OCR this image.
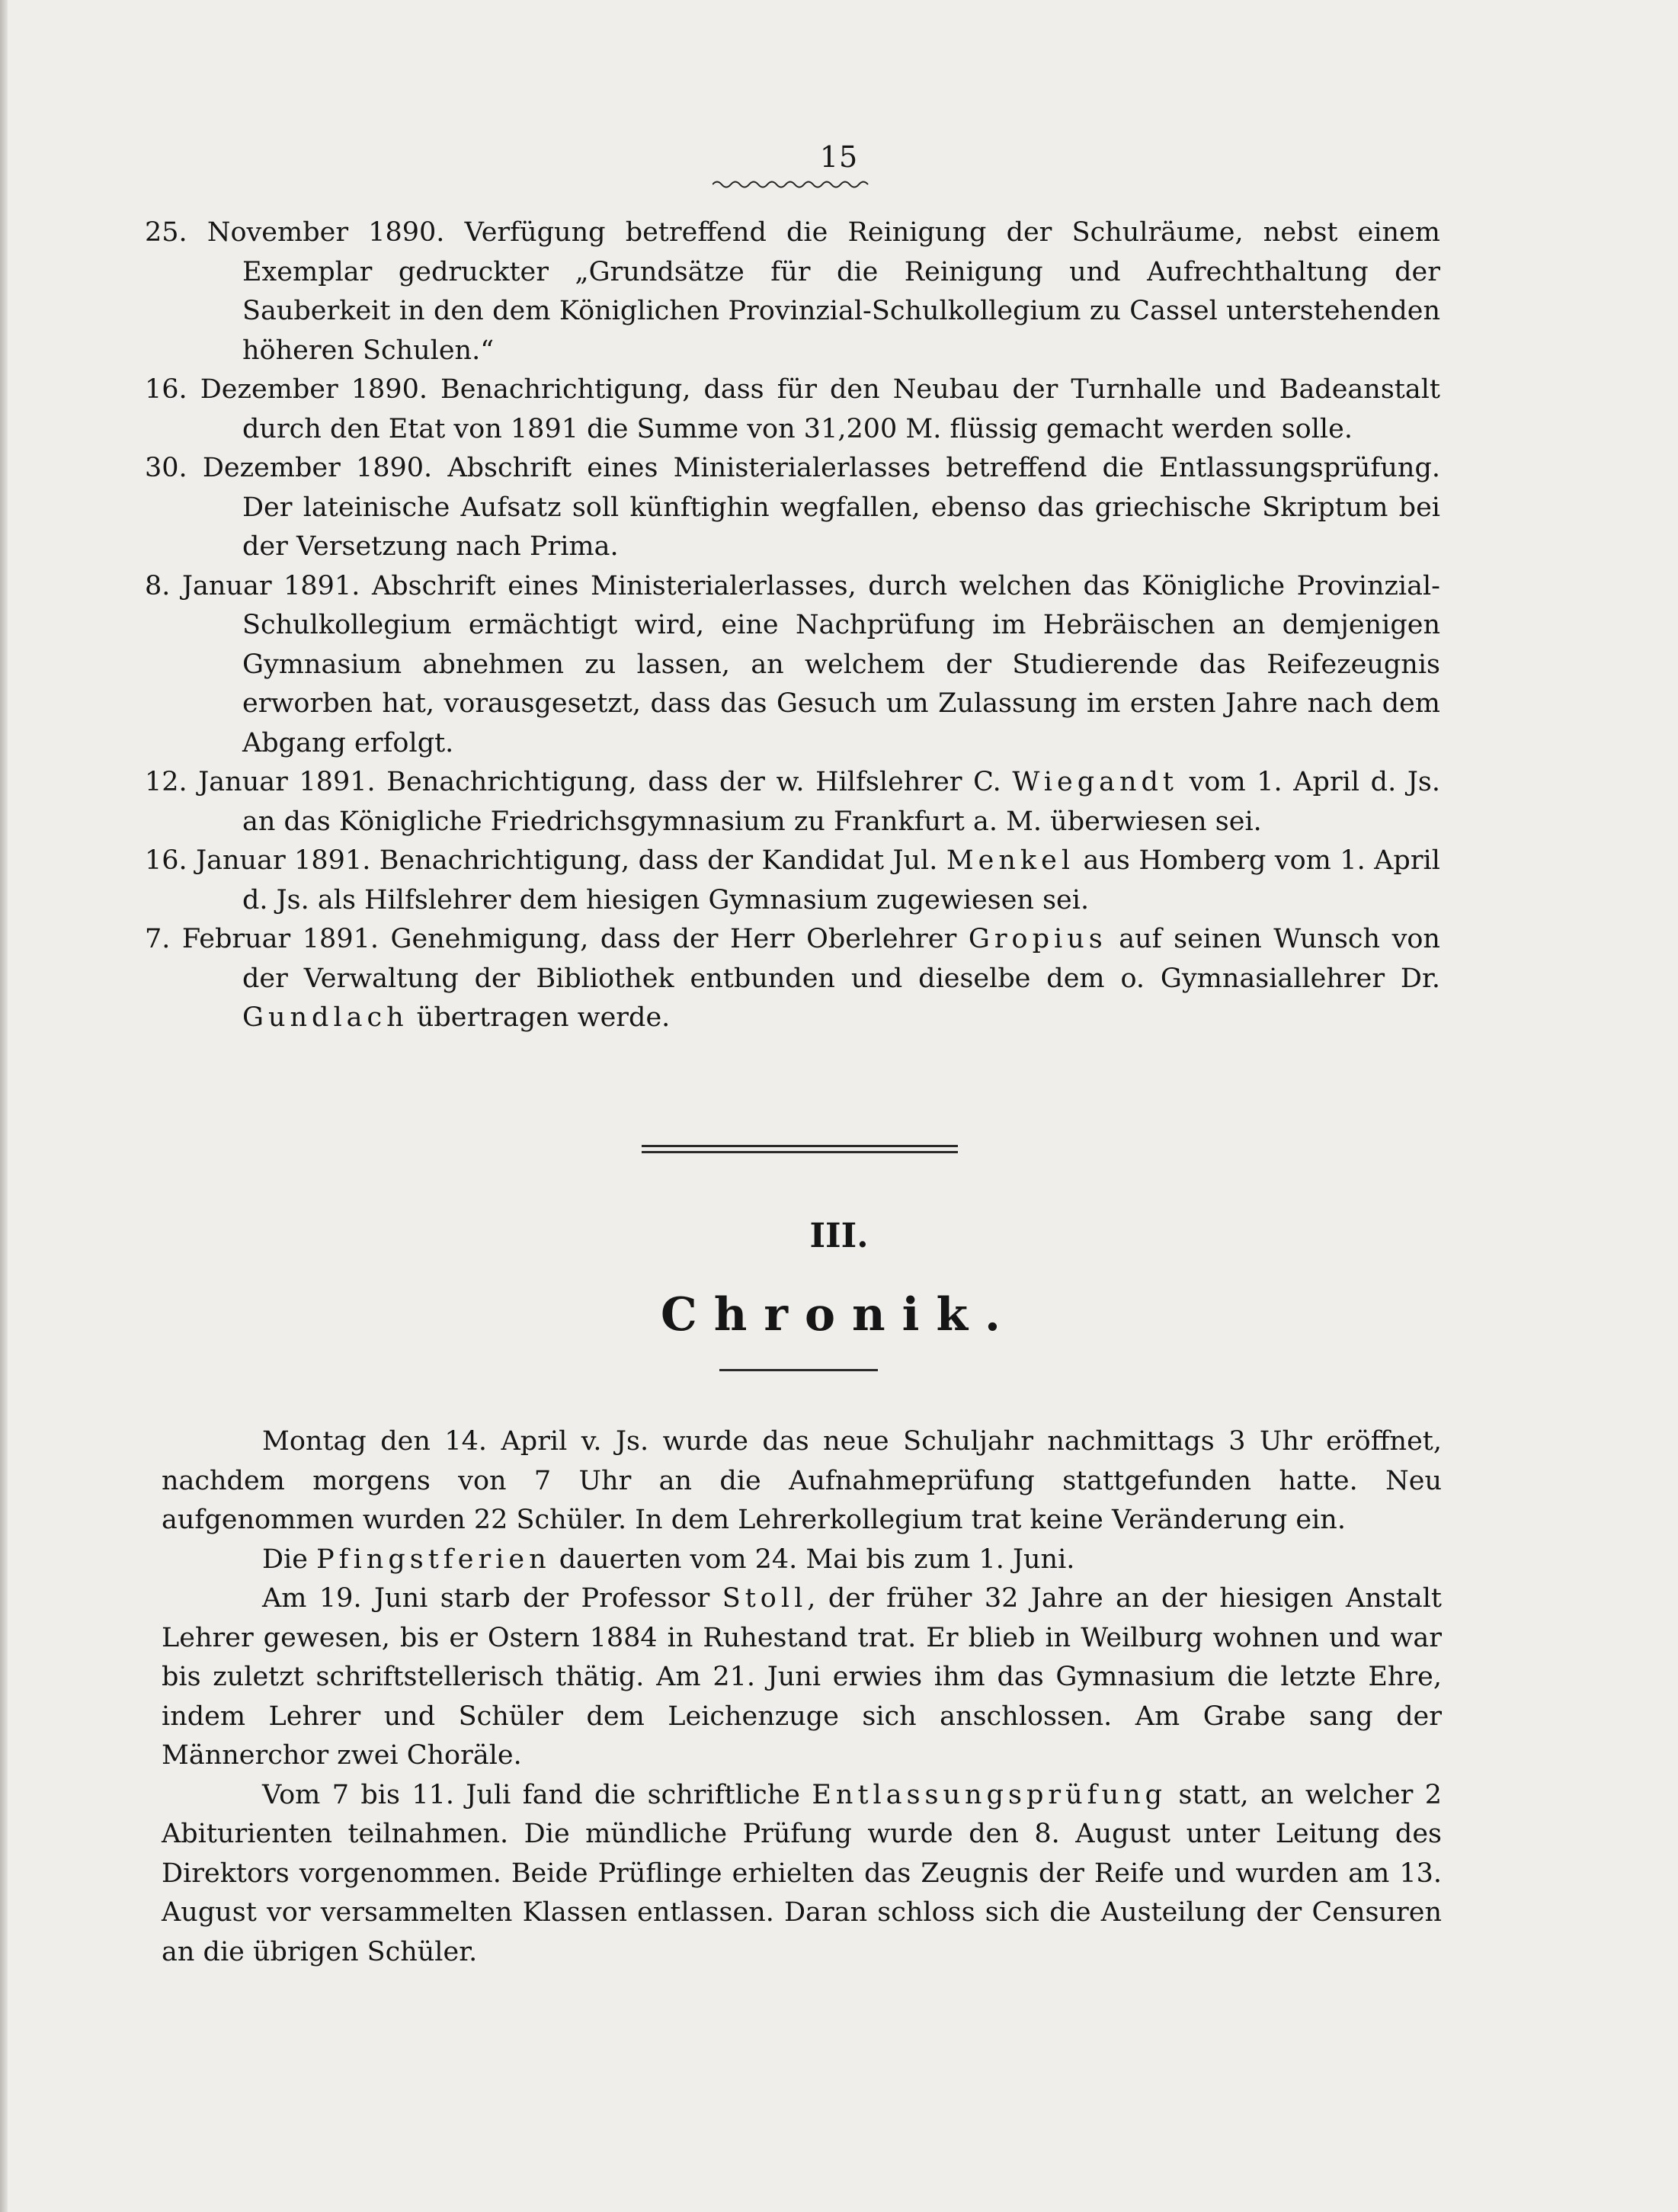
15
25. November 1890. Verfügung betreffend die Reinigung der Schulräume, nebst einem Exemplar gedruckter „Grundsätze für die Reinigung und Aufrechthaltung der Sauberkeit in den dem Königlichen Provinzial-Schulkollegium zu Cassel unterstehenden höheren Schulen.“
16. Dezember 1890. Benachrichtigung, dass für den Neubau der Turnhalle und Badeanstalt durch den Etat von 1891 die Summe von 31,200 M. flüssig gemacht werden solle.
30. Dezember 1890. Abschrift eines Ministerialerlasses betreffend die Entlassungsprüfung. Der lateinische Aufsatz soll künftighin wegfallen, ebenso das griechische Skriptum bei der Versetzung nach Prima.
8. Januar 1891. Abschrift eines Ministerialerlasses, durch welchen das Königliche Provinzial-Schulkollegium ermächtigt wird, eine Nachprüfung im Hebräischen an demjenigen Gymnasium abnehmen zu lassen, an welchem der Studierende das Reifezeugnis erworben hat, vorausgesetzt, dass das Gesuch um Zulassung im ersten Jahre nach dem Abgang erfolgt.
12. Januar 1891. Benachrichtigung, dass der w. Hilfslehrer C. Wiegandt vom 1. April d. Js. an das Königliche Friedrichsgymnasium zu Frankfurt a. M. überwiesen sei.
16. Januar 1891. Benachrichtigung, dass der Kandidat Jul. Menkel aus Homberg vom 1. April d. Js. als Hilfslehrer dem hiesigen Gymnasium zugewiesen sei.
7. Februar 1891. Genehmigung, dass der Herr Oberlehrer Gropius auf seinen Wunsch von der Verwaltung der Bibliothek entbunden und dieselbe dem o. Gymnasiallehrer Dr. Gundlach übertragen werde.
III.
Chronik.
Montag den 14. April v. Js. wurde das neue Schuljahr nachmittags 3 Uhr eröffnet, nachdem morgens von 7 Uhr an die Aufnahmeprüfung stattgefunden hatte. Neu aufgenommen wurden 22 Schüler. In dem Lehrerkollegium trat keine Veränderung ein.
Die Pfingstferien dauerten vom 24. Mai bis zum 1. Juni.
Am 19. Juni starb der Professor Stoll, der früher 32 Jahre an der hiesigen Anstalt Lehrer gewesen, bis er Ostern 1884 in Ruhestand trat. Er blieb in Weilburg wohnen und war bis zuletzt schriftstellerisch thätig. Am 21. Juni erwies ihm das Gymnasium die letzte Ehre, indem Lehrer und Schüler dem Leichenzuge sich anschlossen. Am Grabe sang der Männerchor zwei Choräle.
Vom 7 bis 11. Juli fand die schriftliche Entlassungsprüfung statt, an welcher 2 Abiturienten teilnahmen. Die mündliche Prüfung wurde den 8. August unter Leitung des Direktors vorgenommen. Beide Prüflinge erhielten das Zeugnis der Reife und wurden am 13. August vor versammelten Klassen entlassen. Daran schloss sich die Austeilung der Censuren an die übrigen Schüler.
